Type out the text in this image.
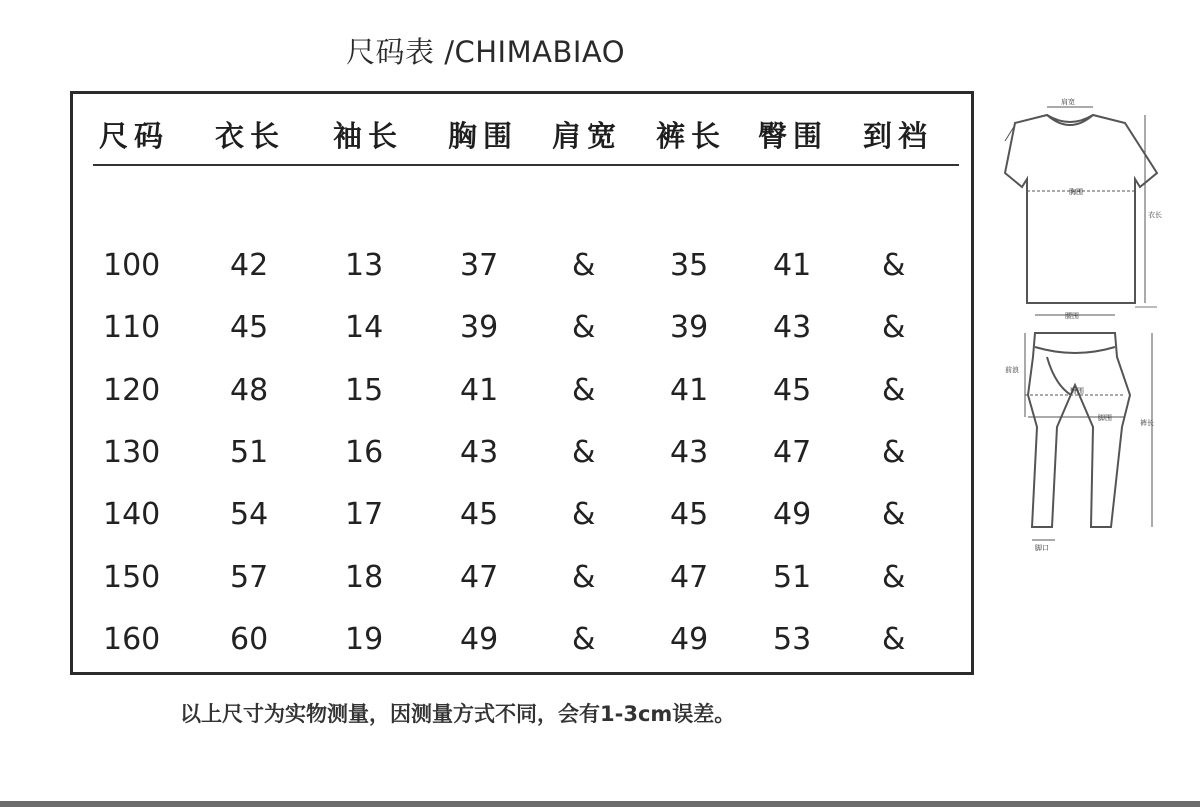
尺码表 /CHIMABIAO
尺码 衣长 袖长 胸围 肩宽 裤长 臀围 到裆
100 42	13	37 & 35 41 &
110 45	14	39 & 39 43 &
120 48	15	41 & 41 45 &
130 51	16	43 & 43 47 &
140 54	17	45 & 45 49 &
150 57	18	47 & 47 51 &
160 60	19	49 & 49 53 &
以上尺寸为实物测量，因测量方式不同，会有1-3cm误差。
肩宽
胸围
衣长
腰围
前浪
臀围
脚围
裤长
脚口
